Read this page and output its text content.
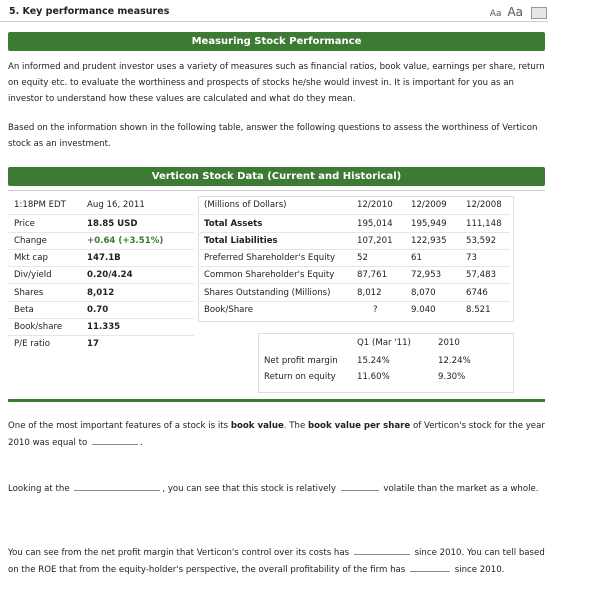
5. Key performance measures	Aa Aa
Measuring Stock Performance
An informed and prudent investor uses a variety of measures such as financial ratios, book value, earnings per share, return on equity etc. to evaluate the worthiness and prospects of stocks he/she would invest in. It is important for you as an investor to understand how these values are calculated and what do they mean.
Based on the information shown in the following table, answer the following questions to assess the worthiness of Verticon stock as an investment.
Verticon Stock Data (Current and Historical)
1:18PM EDT Aug 16, 2011
Price	18.85 USD
Change	+0.64 (+3.51%)
Mkt cap	147.1B
Div/yield	0.20/4.24
Shares	8,012
Beta	0.70
Book/share	11.335
P/E ratio	17
(Millions of Dollars)	12/2010 12/2009 12/2008
Total Assets	195,014 195,949 111,148
Total Liabilities	107,201 122,935 53,592
Preferred Shareholder's Equity	52	61	73
Common Shareholder's Equity	87,761	72,953	57,483
Shares Outstanding (Millions)	8,012	8,070	6746
Book/Share	?	9.040	8.521
Q1 (Mar '11)	2010
Net profit margin 15.24%	12.24%
Return on equity 11.60%	9.30%
One of the most important features of a stock is its book value. The book value per share of Verticon's stock for the year 2010 was equal to	.
Looking at the	, you can see that this stock is relatively	volatile than the market as a whole.
You can see from the net profit margin that Verticon's control over its costs has	since 2010. You can tell based on the ROE that from the equity-holder's perspective, the overall profitability of the firm has	since 2010.
